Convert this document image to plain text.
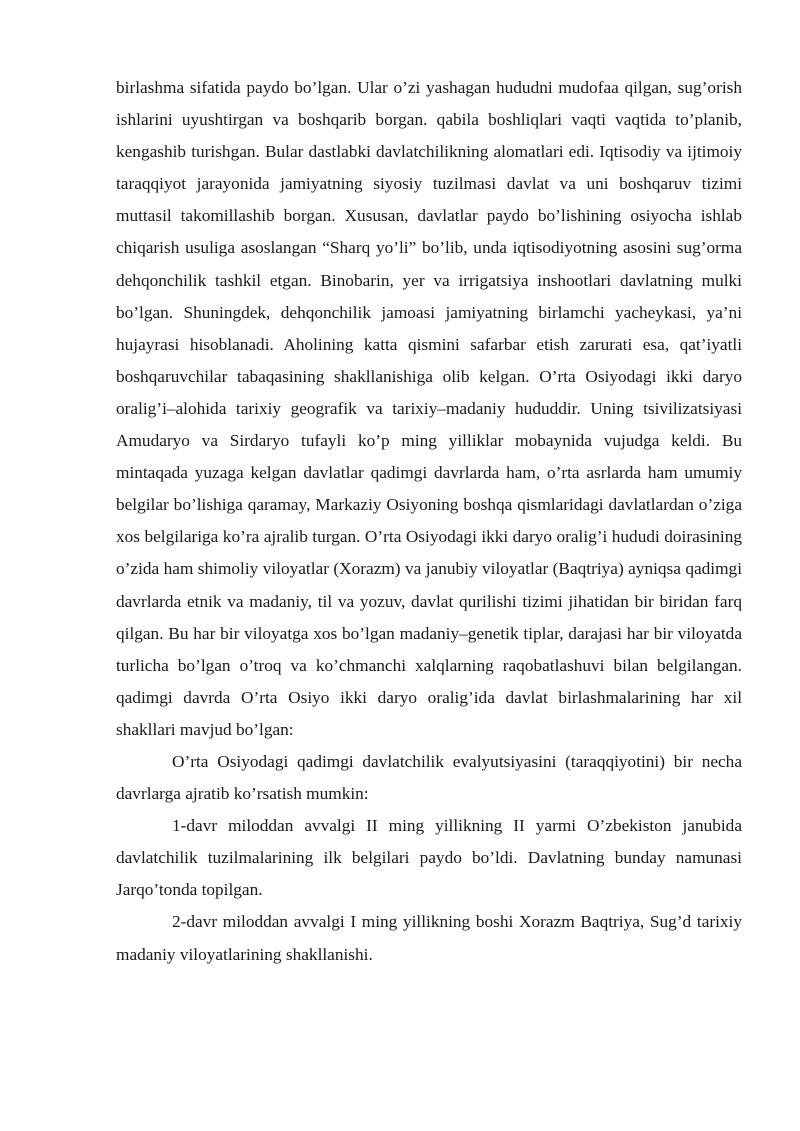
birlashma sifatida paydo bo’lgan. Ular o’zi yashagan hududni mudofaa qilgan, sug’orish ishlarini uyushtirgan va boshqarib borgan. qabila boshliqlari vaqti vaqtida to’planib, kengashib turishgan. Bular dastlabki davlatchilikning alomatlari edi. Iqtisodiy va ijtimoiy taraqqiyot jarayonida jamiyatning siyosiy tuzilmasi davlat va uni boshqaruv tizimi muttasil takomillashib borgan. Xususan, davlatlar paydo bo’lishining osiyocha ishlab chiqarish usuliga asoslangan “Sharq yo’li” bo’lib, unda iqtisodiyotning asosini sug’orma dehqonchilik tashkil etgan. Binobarin, yer va irrigatsiya inshootlari davlatning mulki bo’lgan. Shuningdek, dehqonchilik jamoasi jamiyatning birlamchi yacheykasi, ya’ni hujayrasi hisoblanadi. Aholining katta qismini safarbar etish zarurati esa, qat’iyatli boshqaruvchilar tabaqasining shakllanishiga olib kelgan. O’rta Osiyodagi ikki daryo oralig’i–alohida tarixiy geografik va tarixiy–madaniy hududdir. Uning tsivilizatsiyasi Amudaryo va Sirdaryo tufayli ko’p ming yilliklar mobaynida vujudga keldi. Bu mintaqada yuzaga kelgan davlatlar qadimgi davrlarda ham, o’rta asrlarda ham umumiy belgilar bo’lishiga qaramay, Markaziy Osiyoning boshqa qismlaridagi davlatlardan o’ziga xos belgilariga ko’ra ajralib turgan. O’rta Osiyodagi ikki daryo oralig’i hududi doirasining o’zida ham shimoliy viloyatlar (Xorazm) va janubiy viloyatlar (Baqtriya) ayniqsa qadimgi davrlarda etnik va madaniy, til va yozuv, davlat qurilishi tizimi jihatidan bir biridan farq qilgan. Bu har bir viloyatga xos bo’lgan madaniy–genetik tiplar, darajasi har bir viloyatda turlicha bo’lgan o’troq va ko’chmanchi xalqlarning raqobatlashuvi bilan belgilangan. qadimgi davrda O’rta Osiyo ikki daryo oralig’ida davlat birlashmalarining har xil shakllari mavjud bo’lgan:

O’rta Osiyodagi qadimgi davlatchilik evalyutsiyasini (taraqqiyotini) bir necha davrlarga ajratib ko’rsatish mumkin:

1-davr miloddan avvalgi II ming yillikning II yarmi O’zbekiston janubida davlatchilik tuzilmalarining ilk belgilari paydo bo’ldi. Davlatning bunday namunasi Jarqo’tonda topilgan.

2-davr miloddan avvalgi I ming yillikning boshi Xorazm Baqtriya, Sug’d tarixiy madaniy viloyatlarining shakllanishi.
